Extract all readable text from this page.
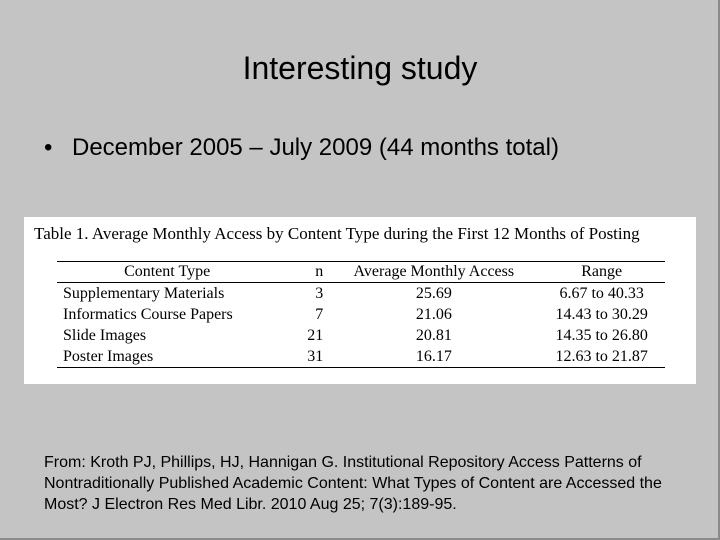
Interesting study
• December 2005 – July 2009 (44 months total)
Table 1. Average Monthly Access by Content Type during the First 12 Months of Posting
Content Type	n	Average Monthly Access	Range
Supplementary Materials	3	25.69	6.67 to 40.33
Informatics Course Papers	7	21.06	14.43 to 30.29
Slide Images	21	20.81	14.35 to 26.80
Poster Images	31	16.17	12.63 to 21.87
From: Kroth PJ, Phillips, HJ, Hannigan G. Institutional Repository Access Patterns of Nontraditionally Published Academic Content: What Types of Content are Accessed the Most? J Electron Res Med Libr. 2010 Aug 25; 7(3):189-95.
